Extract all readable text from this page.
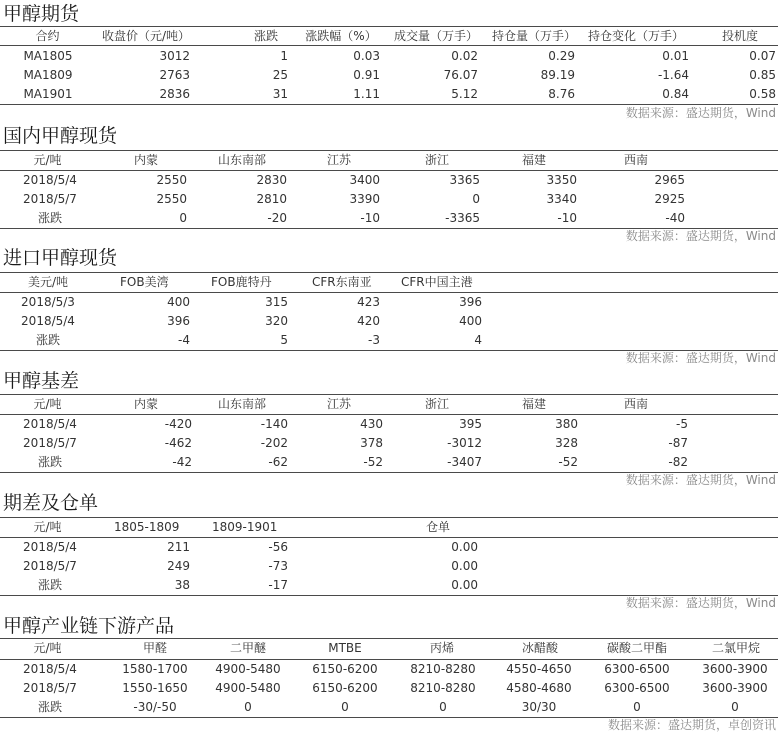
甲醇期货
合约	收盘价（元/吨）	涨跌	涨跌幅（%）	成交量（万手）	持仓量（万手） 持仓变化（万手）	投机度
MA1805	3012	1	0.03	0.02	0.29	0.01	0.07
MA1809	2763	25	0.91	76.07	89.19	-1.64	0.85
MA1901	2836	31	1.11	5.12	8.76	0.84	0.58
数据来源：盛达期货，Wind
国内甲醇现货
元/吨	内蒙	山东南部	江苏	浙江	福建	西南
2018/5/4	2550	2830	3400	3365	3350	2965
2018/5/7	2550	2810	3390	0	3340	2925
涨跌	0	-20	-10	-3365	-10	-40
数据来源：盛达期货，Wind
进口甲醇现货
美元/吨	FOB美湾	FOB鹿特丹	CFR东南亚	CFR中国主港
2018/5/3	400	315	423	396
2018/5/4	396	320	420	400
涨跌	-4	5	-3	4
数据来源：盛达期货，Wind
甲醇基差
元/吨	内蒙	山东南部	江苏	浙江	福建	西南
2018/5/4	-420	-140	430	395	380	-5
2018/5/7	-462	-202	378	-3012	328	-87
涨跌	-42	-62	-52	-3407	-52	-82
数据来源：盛达期货，Wind
期差及仓单
元/吨	1805-1809	1809-1901	仓单
2018/5/4	211	-56	0.00
2018/5/7	249	-73	0.00
涨跌	38	-17	0.00
数据来源：盛达期货，Wind
甲醇产业链下游产品
元/吨	甲醛	二甲醚	MTBE	丙烯	冰醋酸	碳酸二甲酯	二氯甲烷
2018/5/4	1580-1700	4900-5480	6150-6200	8210-8280	4550-4650	6300-6500	3600-3900
2018/5/7	1550-1650	4900-5480	6150-6200	8210-8280	4580-4680	6300-6500	3600-3900
涨跌	-30/-50	0	0	0	30/30	0	0
数据来源：盛达期货，卓创资讯
